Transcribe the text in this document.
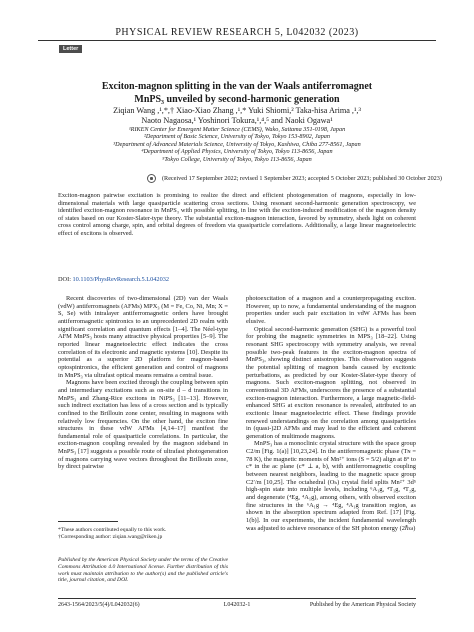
PHYSICAL REVIEW RESEARCH 5, L042032 (2023)
Letter
Exciton-magnon splitting in the van der Waals antiferromagnet
MnPS₃ unveiled by second-harmonic generation
Ziqian Wang ,¹,*,† Xiao-Xiao Zhang ,¹,* Yuki Shiomi,² Taka-hisa Arima ,¹,³
Naoto Nagaosa,¹ Yoshinori Tokura,¹,⁴,⁵ and Naoki Ogawa¹
¹RIKEN Center for Emergent Matter Science (CEMS), Wako, Saitama 351-0198, Japan
²Department of Basic Science, University of Tokyo, Tokyo 153-8902, Japan
³Department of Advanced Materials Science, University of Tokyo, Kashiwa, Chiba 277-8561, Japan
⁴Department of Applied Physics, University of Tokyo, Tokyo 113-8656, Japan
⁵Tokyo College, University of Tokyo, Tokyo 113-8656, Japan
(Received 17 September 2022; revised 1 September 2023; accepted 5 October 2023; published 30 October 2023)
Exciton-magnon pairwise excitation is promising to realize the direct and efficient photogeneration of magnons, especially in low-dimensional materials with large quasiparticle scattering cross sections. Using resonant second-harmonic generation spectroscopy, we identified exciton-magnon resonance in MnPS₃ with possible splitting, in line with the exciton-induced modification of the magnon density of states based on our Koster-Slater-type theory. The substantial exciton-magnon interaction, favored by symmetry, sheds light on coherent cross control among charge, spin, and orbital degrees of freedom via quasiparticle correlations. Additionally, a large linear magnetoelectric effect of excitons is observed.
DOI: 10.1103/PhysRevResearch.5.L042032

Recent discoveries of two-dimensional (2D) van der Waals (vdW) antiferromagnets (AFMs) MPX₃ (M = Fe, Co, Ni, Mn; X = S, Se) with intralayer antiferromagnetic orders have brought antiferromagnetic spintronics to an unprecedented 2D realm with significant correlation and quantum effects [1–4]. The Néel-type AFM MnPS₃ hosts many attractive physical properties [5–9]. The reported linear magnetoelectric effect indicates the cross correlation of its electronic and magnetic systems [10]. Despite its potential as a superior 2D platform for magnon-based optospintronics, the efficient generation and control of magnons in MnPS₃ via ultrafast optical means remains a central issue.

Magnons have been excited through the coupling between spin and intermediary excitations such as on-site d – d transitions in MnPS₃ and Zhang-Rice excitons in NiPS₃ [11–13]. However, such indirect excitation has less of a cross section and is typically confined to the Brillouin zone center, resulting in magnons with relatively low frequencies. On the other hand, the exciton fine structures in these vdW AFMs [4,14–17] manifest the fundamental role of quasiparticle correlations. In particular, the exciton-magnon coupling revealed by the magnon sideband in MnPS₃ [17] suggests a possible route of ultrafast photogeneration of magnons carrying wave vectors throughout the Brillouin zone, by direct pairwise

photoexcitation of a magnon and a counterpropagating exciton. However, up to now, a fundamental understanding of the magnon properties under such pair excitation in vdW AFMs has been elusive.

Optical second-harmonic generation (SHG) is a powerful tool for probing the magnetic symmetries in MPS₃ [18–22]. Using resonant SHG spectroscopy with symmetry analysis, we reveal possible two-peak features in the exciton-magnon spectra of MnPS₃, showing distinct anisotropies. This observation suggests the potential splitting of magnon bands caused by excitonic perturbations, as predicted by our Koster-Slater-type theory of magnons. Such exciton-magnon splitting, not observed in conventional 3D AFMs, underscores the presence of a substantial exciton-magnon interaction. Furthermore, a large magnetic-field-enhanced SHG at exciton resonance is revealed, attributed to an excitonic linear magnetoelectric effect. These findings provide renewed understandings on the correlation among quasiparticles in (quasi-)2D AFMs and may lead to the efficient and coherent generation of multimode magnons.

MnPS₃ has a monoclinic crystal structure with the space group C2/m [Fig. 1(a)] [10,23,24]. In the antiferromagnetic phase (Tɴ = 78 K), the magnetic moments of Mn²⁺ ions (S = 5/2) align at 8° to c* in the ac plane (c* ⊥ a, b), with antiferromagnetic coupling between nearest neighbors, leading to the magnetic space group C2′/m [10,25]. The octahedral (Oₕ) crystal field splits Mn²⁺ 3d⁵ high-spin state into multiple levels, including ⁶A₁g, ⁴T₁g, ⁴T₂g, and degenerate (⁴Eg, ⁴A₁g), among others, with observed exciton fine structures in the ⁶A₁g → ⁴Eg, ⁴A₁g transition region, as shown in the absorption spectrum adapted from Ref. [17] [Fig. 1(b)]. In our experiments, the incident fundamental wavelength was adjusted to achieve resonance of the SH photon energy (2ℏω)

*These authors contributed equally to this work.
†Corresponding author: ziqian.wang@riken.jp
Published by the American Physical Society under the terms of the Creative Commons Attribution 4.0 International license. Further distribution of this work must maintain attribution to the author(s) and the published article's title, journal citation, and DOI.
2643-1564/2023/5(4)/L042032(6)	L042032-1	Published by the American Physical Society
